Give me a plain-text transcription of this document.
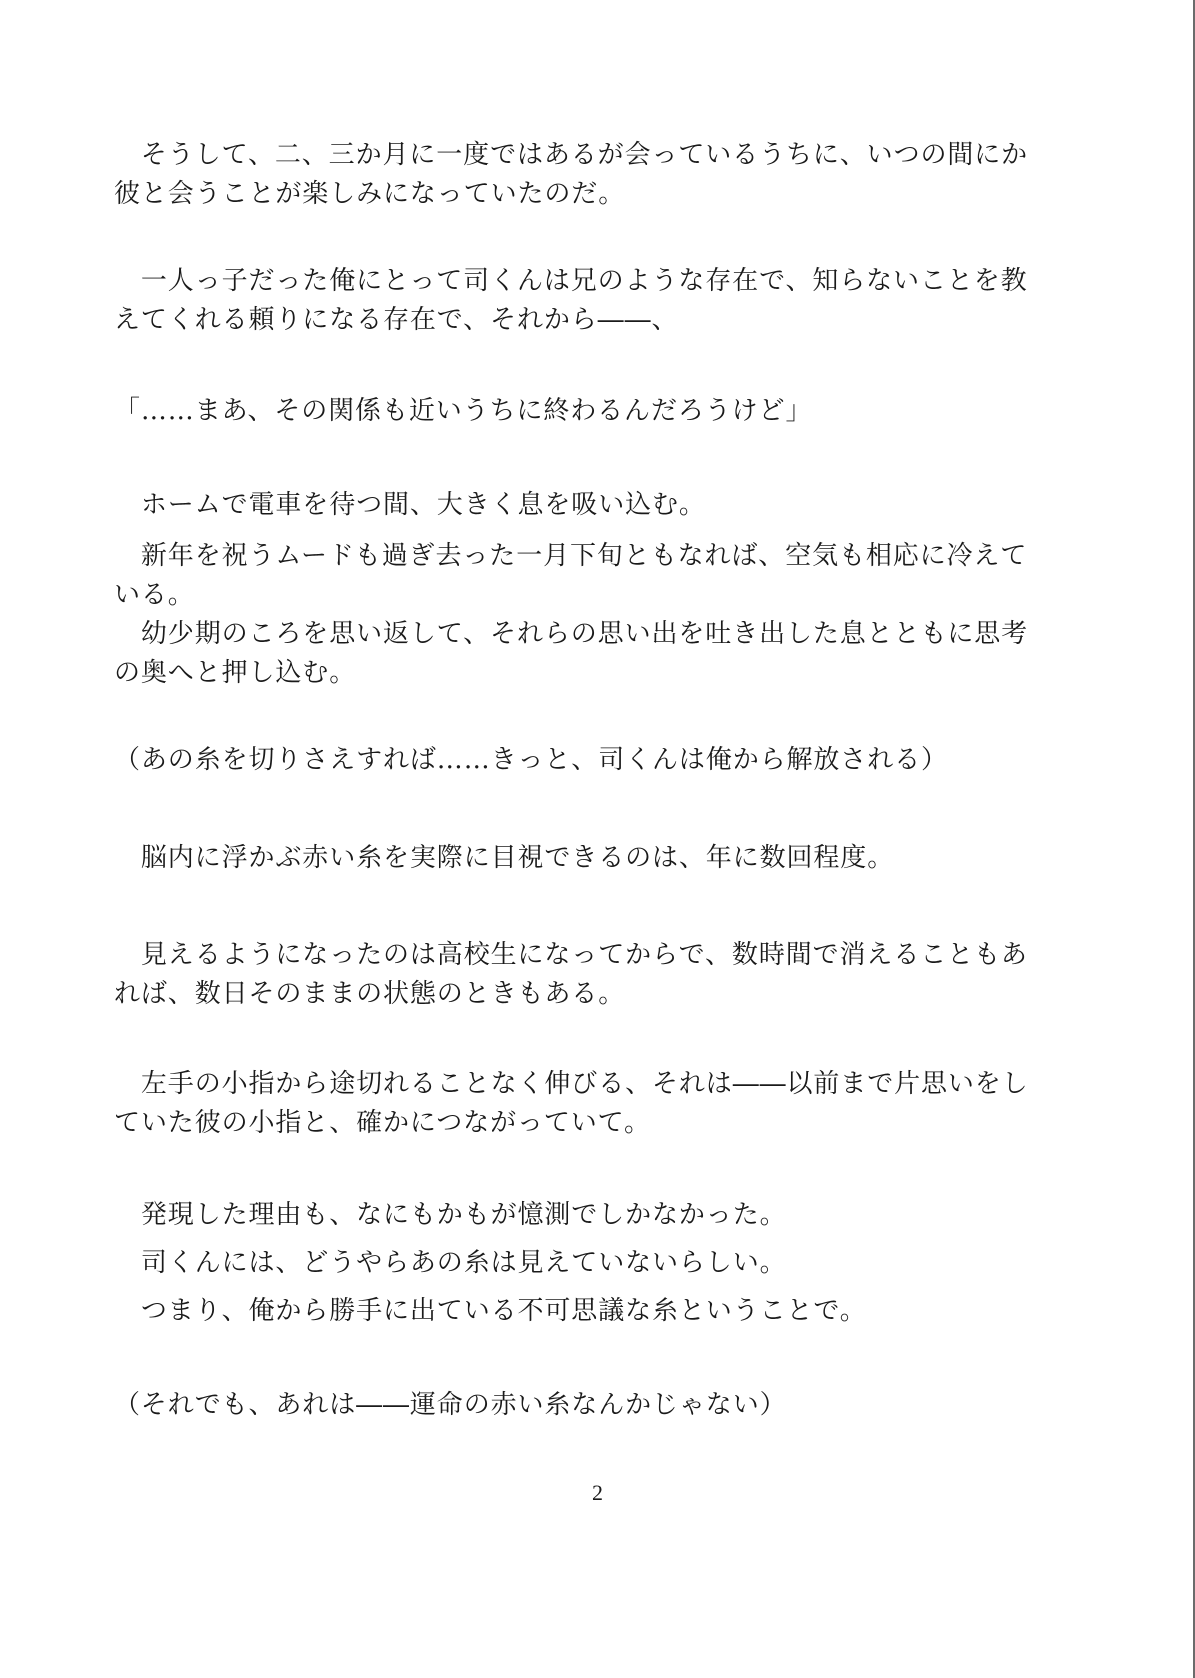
　そうして、二、三か月に一度ではあるが会っているうちに、いつの間にか
彼と会うことが楽しみになっていたのだ。

　一人っ子だった俺にとって司くんは兄のような存在で、知らないことを教
えてくれる頼りになる存在で、それから――、

「……まあ、その関係も近いうちに終わるんだろうけど」

　ホームで電車を待つ間、大きく息を吸い込む。

　新年を祝うムードも過ぎ去った一月下旬ともなれば、空気も相応に冷えて
いる。

　幼少期のころを思い返して、それらの思い出を吐き出した息とともに思考
の奥へと押し込む。

（あの糸を切りさえすれば……きっと、司くんは俺から解放される）

　脳内に浮かぶ赤い糸を実際に目視できるのは、年に数回程度。

　見えるようになったのは高校生になってからで、数時間で消えることもあ
れば、数日そのままの状態のときもある。

　左手の小指から途切れることなく伸びる、それは――以前まで片思いをし
ていた彼の小指と、確かにつながっていて。

　発現した理由も、なにもかもが憶測でしかなかった。

　司くんには、どうやらあの糸は見えていないらしい。

　つまり、俺から勝手に出ている不可思議な糸ということで。

（それでも、あれは――運命の赤い糸なんかじゃない）

2
